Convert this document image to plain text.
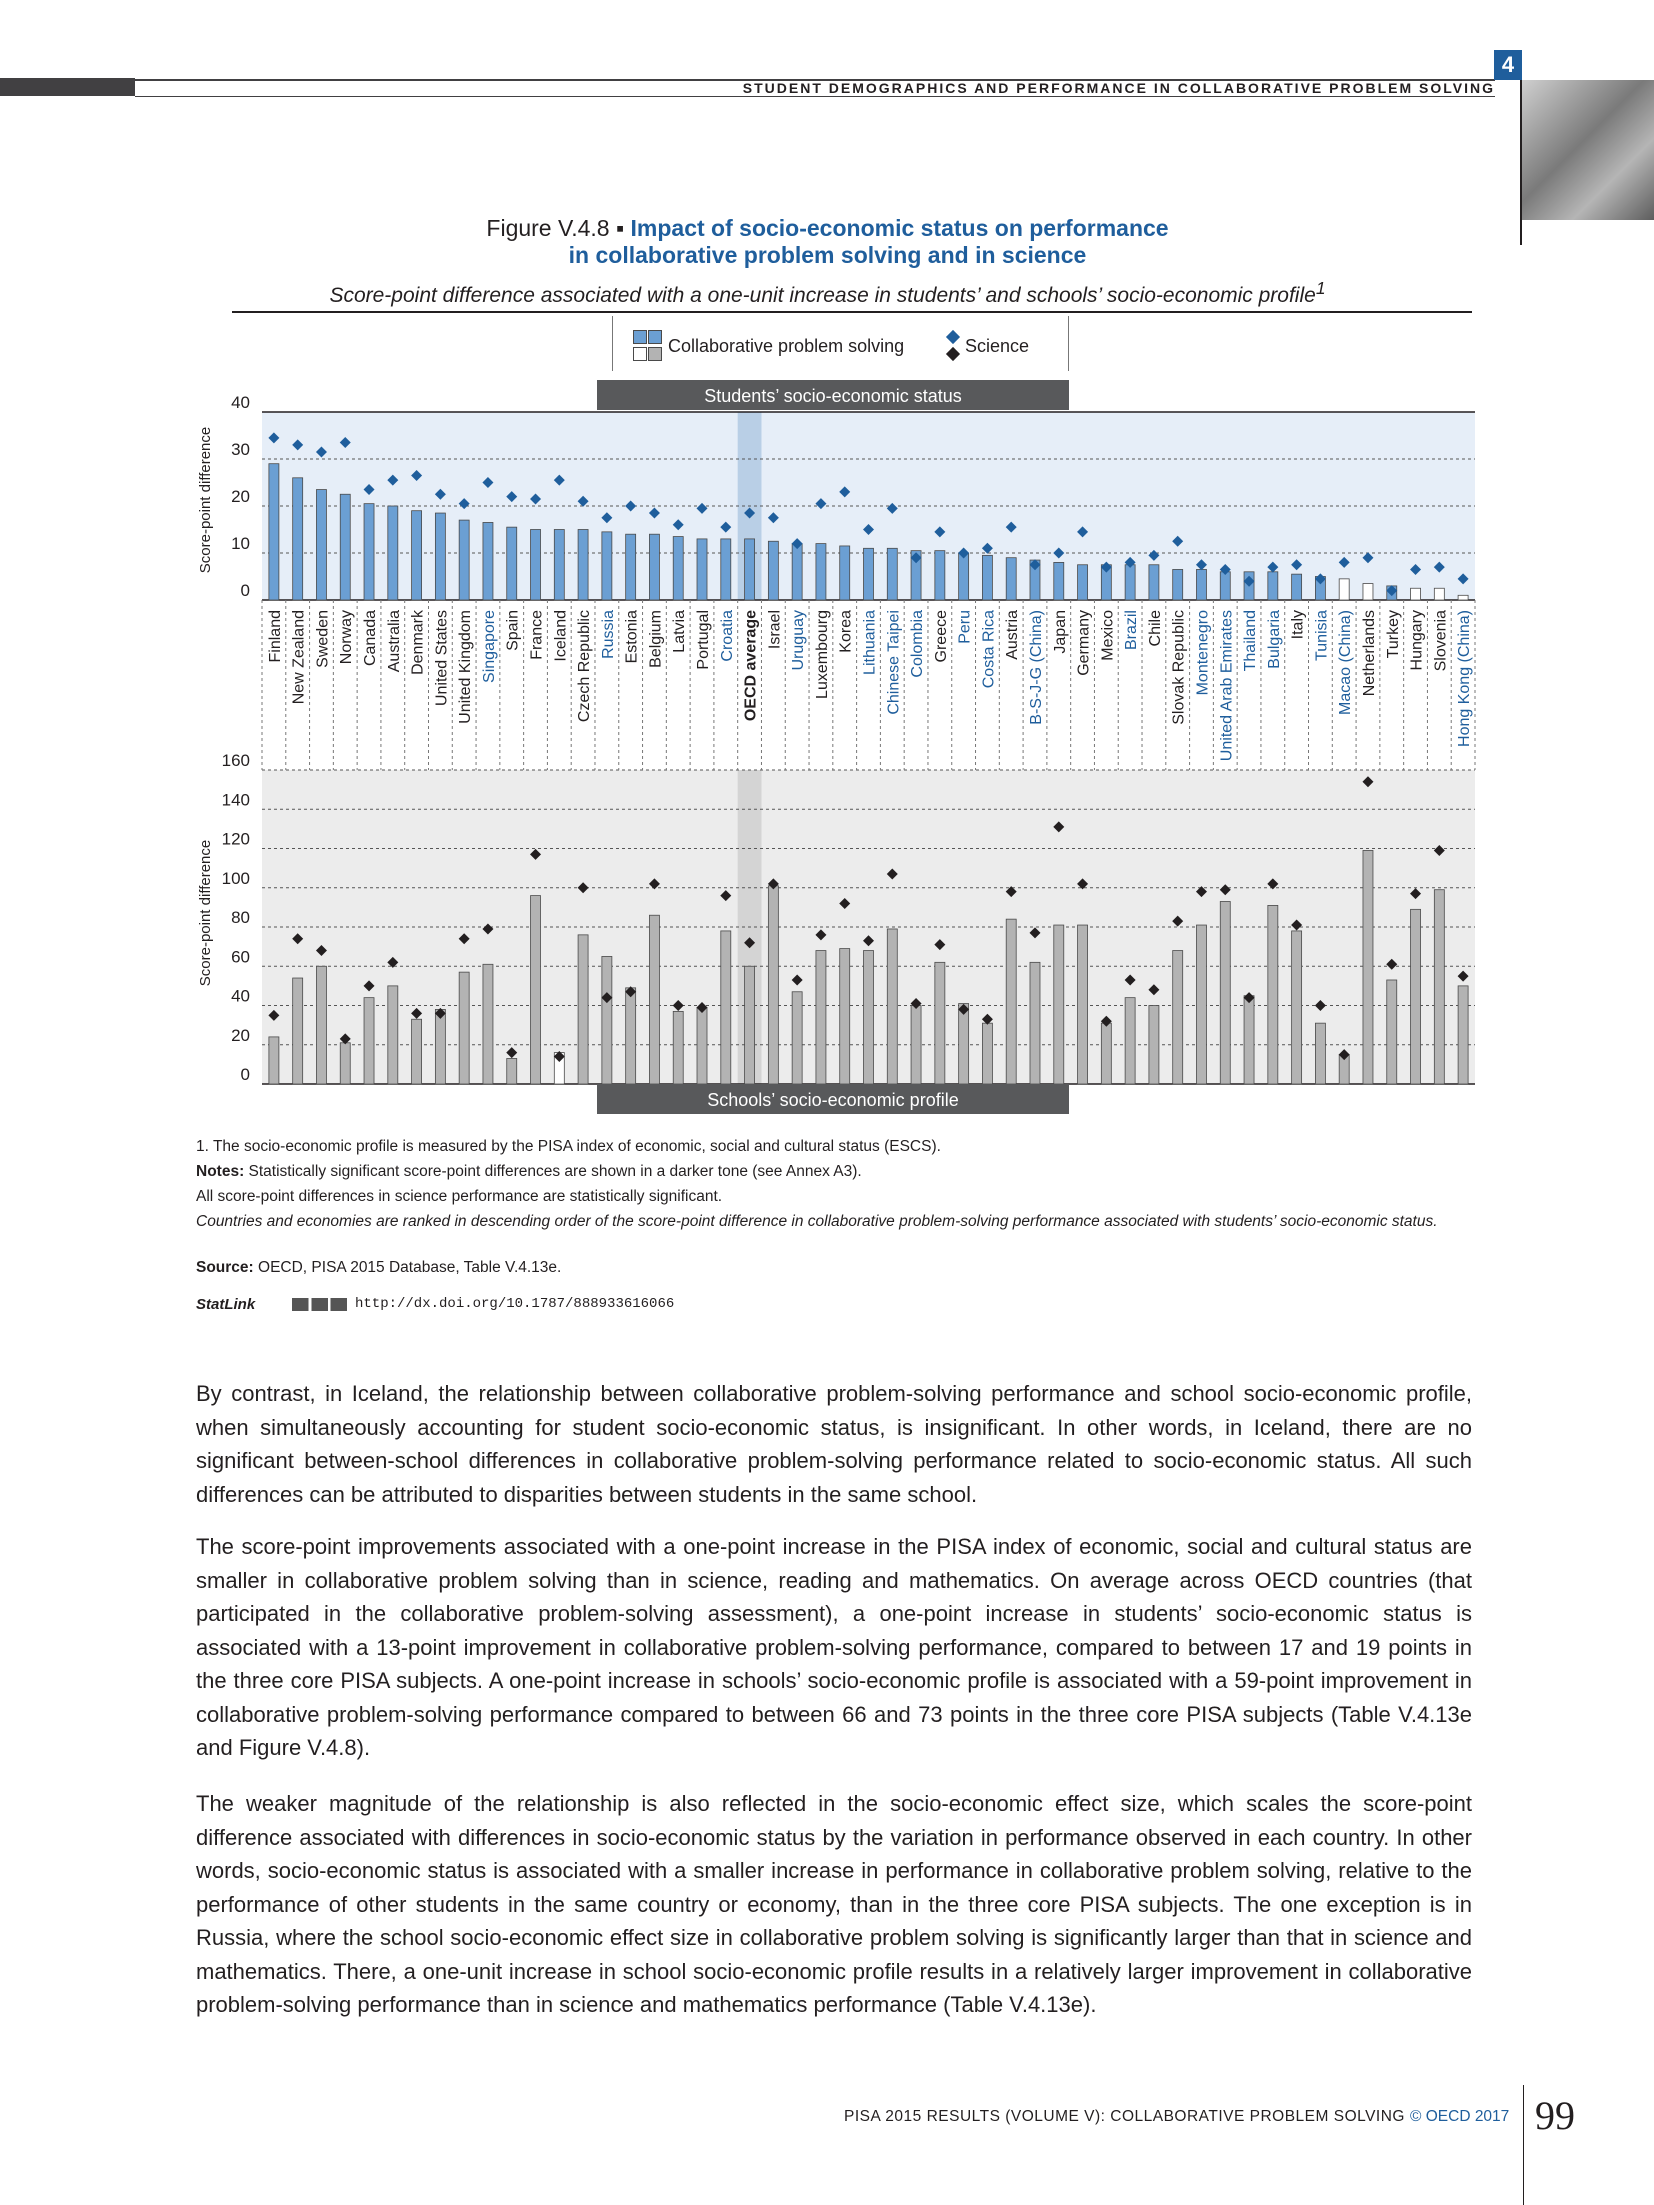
4
STUDENT DEMOGRAPHICS AND PERFORMANCE IN COLLABORATIVE PROBLEM SOLVING
Figure V.4.8 ▪ Impact of socio-economic status on performance
in collaborative problem solving and in science
Score-point difference associated with a one-unit increase in students’ and schools’ socio-economic profile$^1$
Collaborative problem solving	Science
0
10
20
30
40
0
20
40
60
80
100
120
140
160
Finland New Zealand Sweden Norway Canada Australia Denmark United States United Kingdom Singapore Spain France Iceland Czech Republic Russia Estonia Belgium Latvia Portugal Croatia OECD average Israel Uruguay Luxembourg Korea Lithuania Chinese Taipei Colombia Greece Peru Costa Rica Austria B-S-J-G (China) Japan Germany Mexico Brazil Chile Slovak Republic Montenegro United Arab Emirates Thailand Bulgaria Italy Tunisia Macao (China) Netherlands Turkey Hungary Slovenia Hong Kong (China)
Students’ socio-economic status
Schools’ socio-economic profile
Score-point difference
Score-point difference
1. The socio-economic profile is measured by the PISA index of economic, social and cultural status (ESCS).
Notes: Statistically significant score-point differences are shown in a darker tone (see Annex A3).
All score-point differences in science performance are statistically significant.
Countries and economies are ranked in descending order of the score-point difference in collaborative problem-solving performance associated with students’ socio-economic status.
Source: OECD, PISA 2015 Database, Table V.4.13e.
StatLink	http://dx.doi.org/10.1787/888933616066
By contrast, in Iceland, the relationship between collaborative problem-solving performance and school socio-economic profile, when simultaneously accounting for student socio-economic status, is insignificant. In other words, in Iceland, there are no significant between-school differences in collaborative problem-solving performance related to socio-economic status. All such differences can be attributed to disparities between students in the same school.
The score-point improvements associated with a one-point increase in the PISA index of economic, social and cultural status are smaller in collaborative problem solving than in science, reading and mathematics. On average across OECD countries (that participated in the collaborative problem-solving assessment), a one-point increase in students’ socio-economic status is associated with a 13-point improvement in collaborative problem-solving performance, compared to between 17 and 19 points in the three core PISA subjects. A one-point increase in schools’ socio-economic profile is associated with a 59-point improvement in collaborative problem-solving performance compared to between 66 and 73 points in the three core PISA subjects (Table V.4.13e and Figure V.4.8).
The weaker magnitude of the relationship is also reflected in the socio-economic effect size, which scales the score-point difference associated with differences in socio-economic status by the variation in performance observed in each country. In other words, socio-economic status is associated with a smaller increase in performance in collaborative problem solving, relative to the performance of other students in the same country or economy, than in the three core PISA subjects. The one exception is in Russia, where the school socio-economic effect size in collaborative problem solving is significantly larger than that in science and mathematics. There, a one-unit increase in school socio-economic profile results in a relatively larger improvement in collaborative problem-solving performance than in science and mathematics performance (Table V.4.13e).
PISA 2015 RESULTS (VOLUME V): COLLABORATIVE PROBLEM SOLVING © OECD 2017 99
